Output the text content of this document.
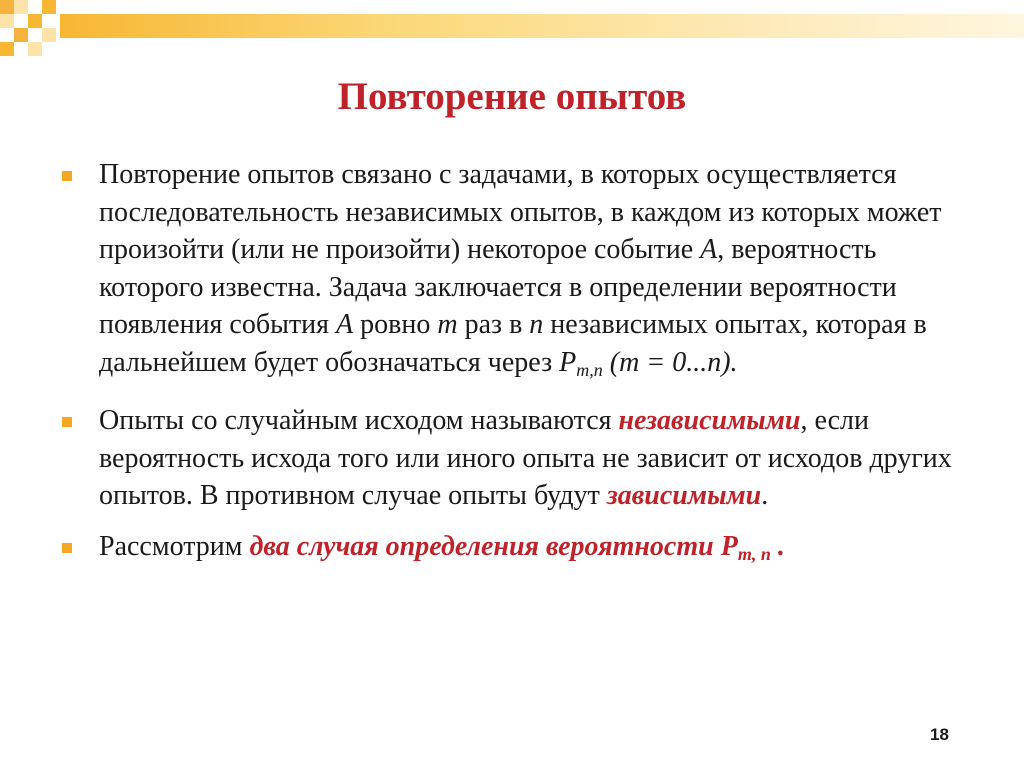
Повторение опытов

Повторение опытов связано с задачами, в которых осуществляется последовательность независимых опытов, в каждом из которых может произойти (или не произойти) некоторое событие A, вероятность которого известна. Задача заключается в определении вероятности появления события A ровно m раз в n независимых опытах, которая в дальнейшем будет обозначаться через $P_{m,n}$ (m = 0...n).

Опыты со случайным исходом называются независимыми, если вероятность исхода того или иного опыта не зависит от исходов других опытов. В противном случае опыты будут зависимыми.

Рассмотрим два случая определения вероятности $P_{m, n}$ .

18
